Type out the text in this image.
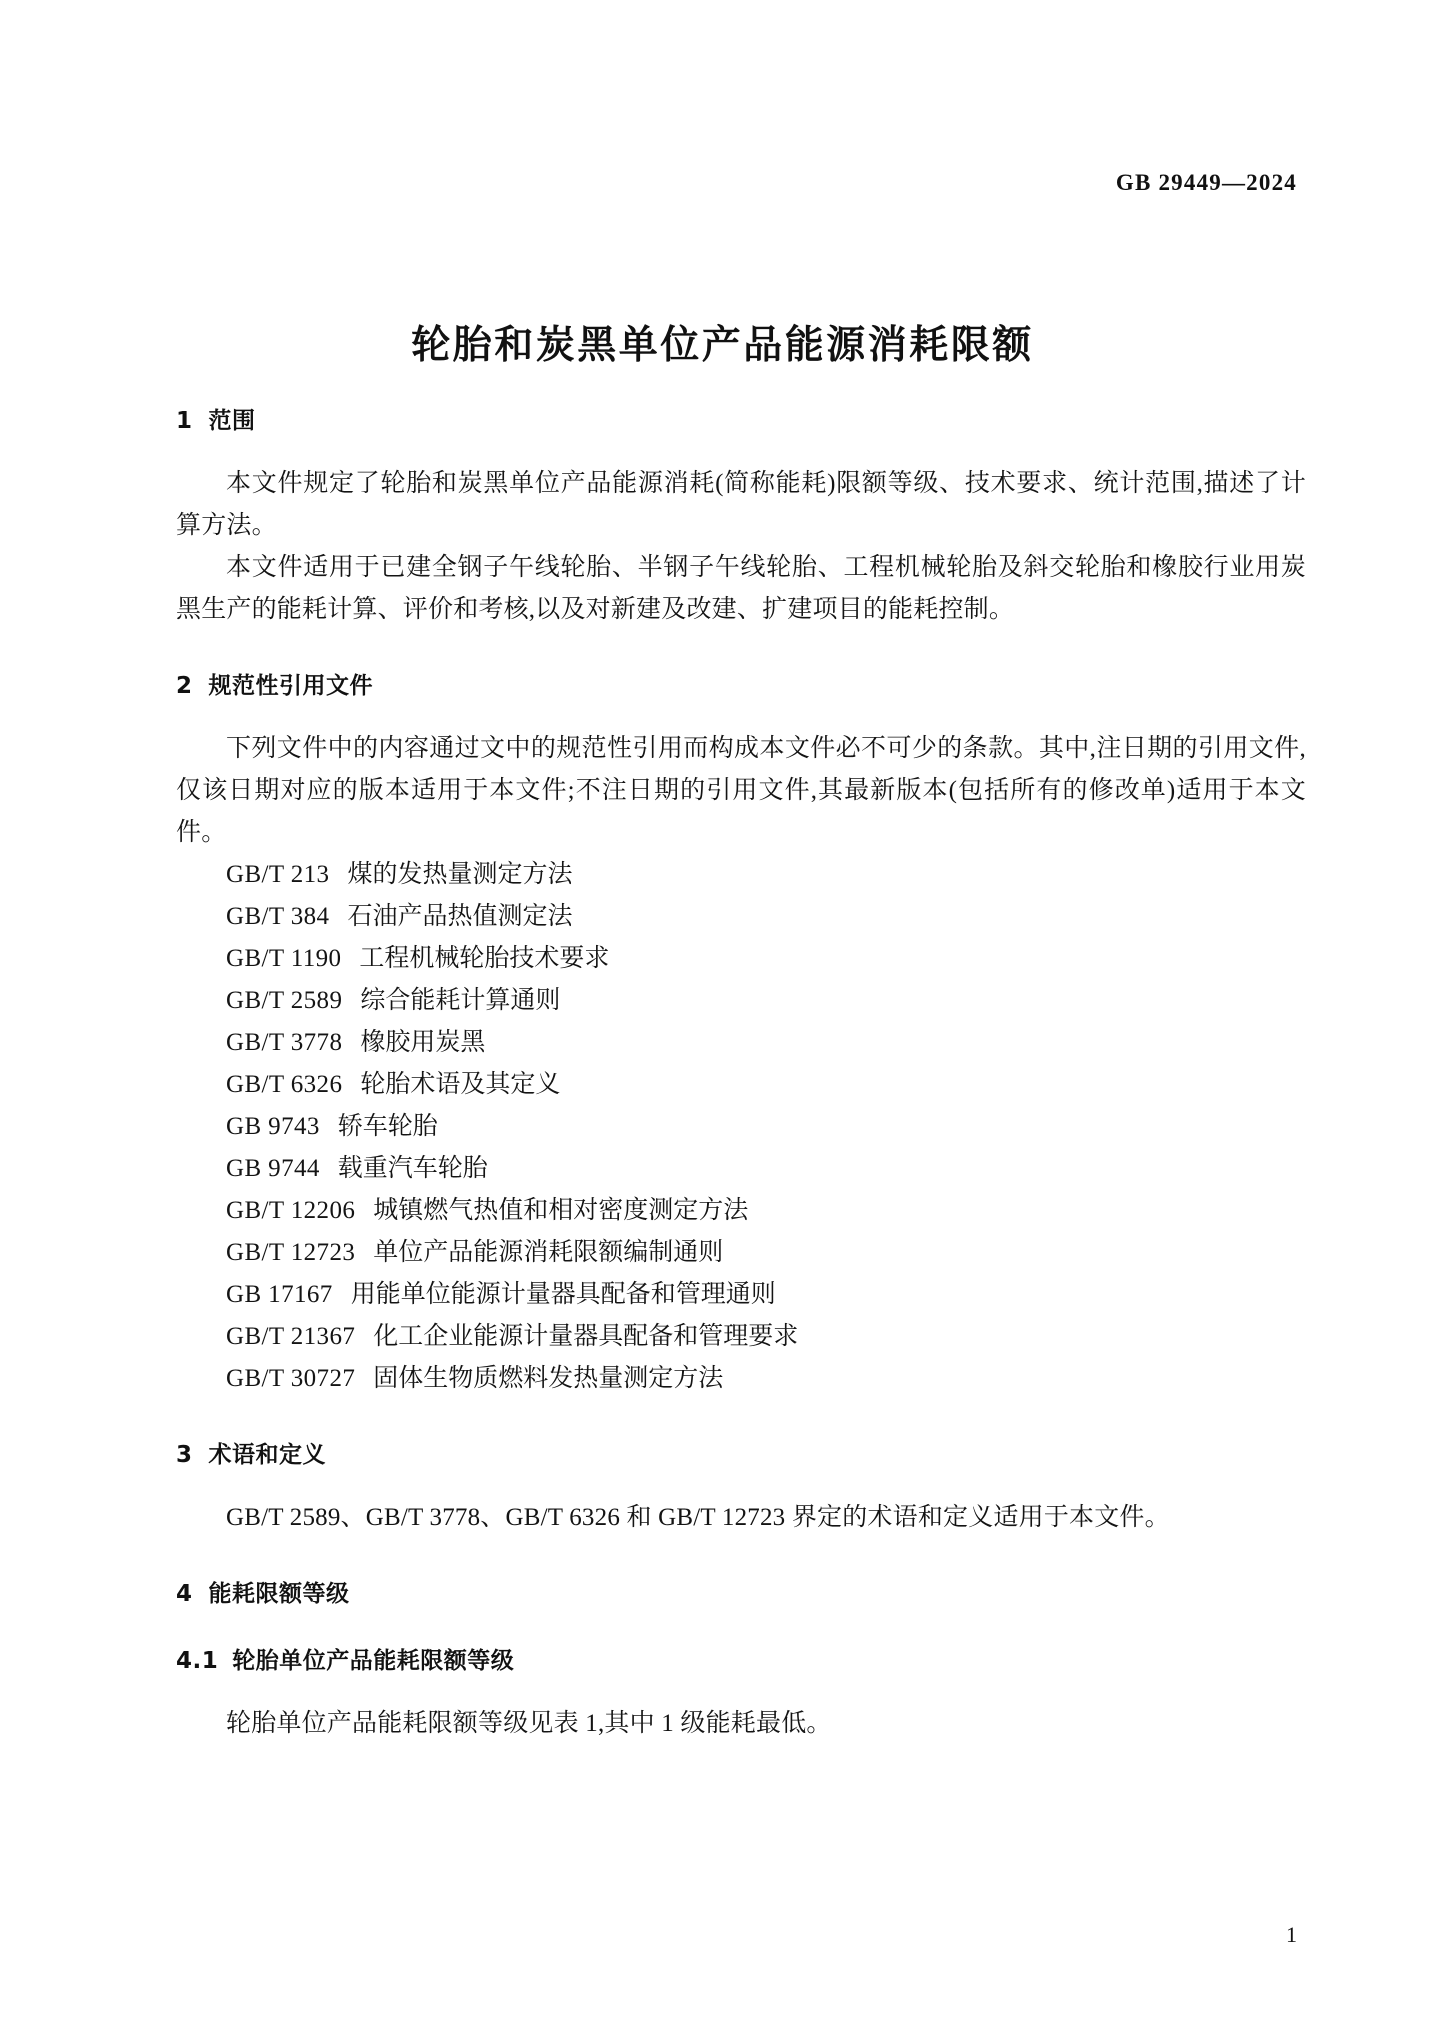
GB 29449—2024
轮胎和炭黑单位产品能源消耗限额
1 范围

本文件规定了轮胎和炭黑单位产品能源消耗(简称能耗)限额等级、技术要求、统计范围,描述了计算方法。

本文件适用于已建全钢子午线轮胎、半钢子午线轮胎、工程机械轮胎及斜交轮胎和橡胶行业用炭黑生产的能耗计算、评价和考核,以及对新建及改建、扩建项目的能耗控制。

2 规范性引用文件

下列文件中的内容通过文中的规范性引用而构成本文件必不可少的条款。其中,注日期的引用文件,仅该日期对应的版本适用于本文件;不注日期的引用文件,其最新版本(包括所有的修改单)适用于本文件。

GB/T 213 煤的发热量测定方法
GB/T 384 石油产品热值测定法
GB/T 1190 工程机械轮胎技术要求
GB/T 2589 综合能耗计算通则
GB/T 3778 橡胶用炭黑
GB/T 6326 轮胎术语及其定义
GB 9743 轿车轮胎
GB 9744 载重汽车轮胎
GB/T 12206 城镇燃气热值和相对密度测定方法
GB/T 12723 单位产品能源消耗限额编制通则
GB 17167 用能单位能源计量器具配备和管理通则
GB/T 21367 化工企业能源计量器具配备和管理要求
GB/T 30727 固体生物质燃料发热量测定方法
3 术语和定义

GB/T 2589、GB/T 3778、GB/T 6326 和 GB/T 12723 界定的术语和定义适用于本文件。

4 能耗限额等级
4.1 轮胎单位产品能耗限额等级

轮胎单位产品能耗限额等级见表 1,其中 1 级能耗最低。

1
